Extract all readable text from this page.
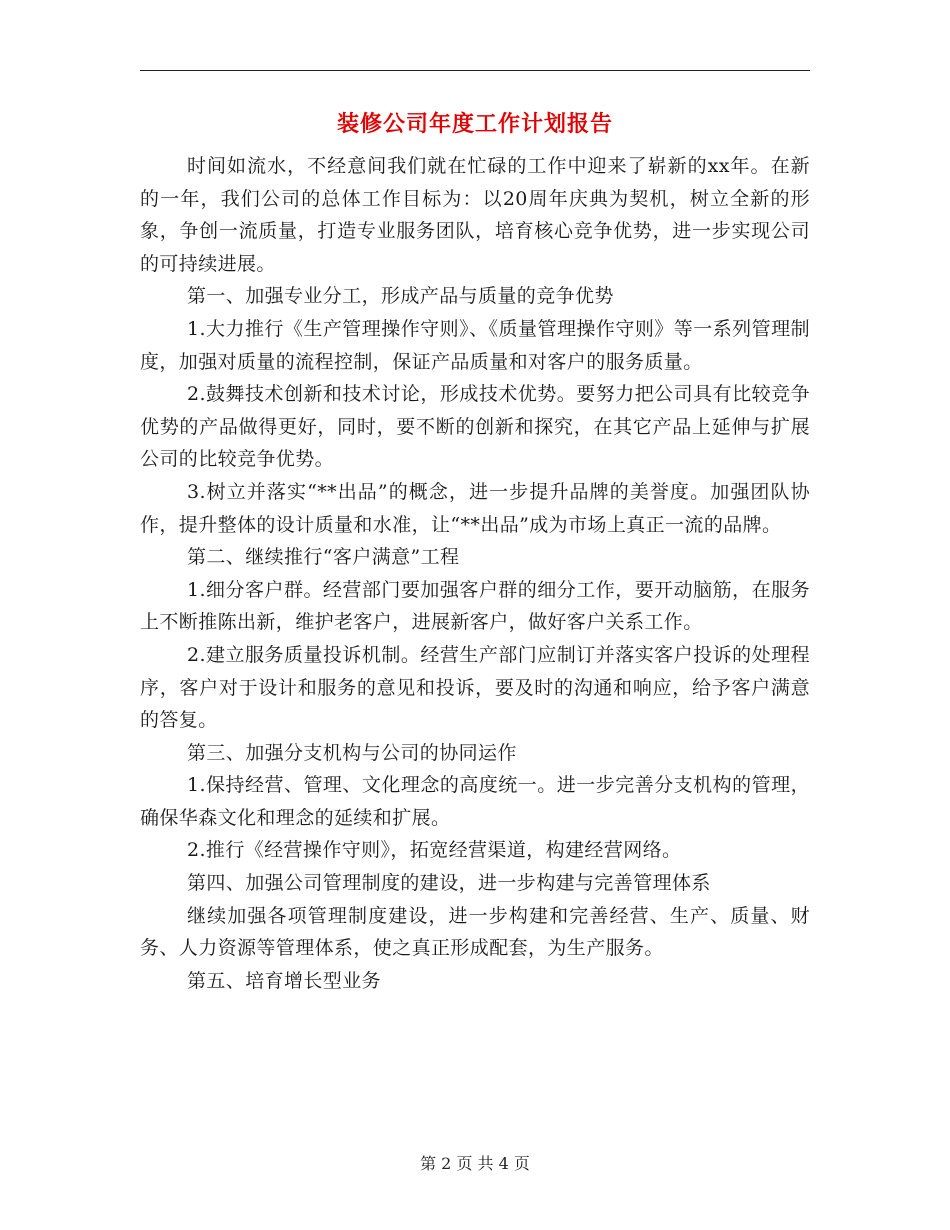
装修公司年度工作计划报告

时间如流水，不经意间我们就在忙碌的工作中迎来了崭新的xx年。在新的一年，我们公司的总体工作目标为：以20周年庆典为契机，树立全新的形象，争创一流质量，打造专业服务团队，培育核心竞争优势，进一步实现公司的可持续进展。

第一、加强专业分工，形成产品与质量的竞争优势

1.大力推行《生产管理操作守则》、《质量管理操作守则》等一系列管理制度，加强对质量的流程控制，保证产品质量和对客户的服务质量。

2.鼓舞技术创新和技术讨论，形成技术优势。要努力把公司具有比较竞争优势的产品做得更好，同时，要不断的创新和探究，在其它产品上延伸与扩展公司的比较竞争优势。

3.树立并落实“**出品”的概念，进一步提升品牌的美誉度。加强团队协作，提升整体的设计质量和水准，让“**出品”成为市场上真正一流的品牌。

第二、继续推行“客户满意”工程

1.细分客户群。经营部门要加强客户群的细分工作，要开动脑筋，在服务上不断推陈出新，维护老客户，进展新客户，做好客户关系工作。

2.建立服务质量投诉机制。经营生产部门应制订并落实客户投诉的处理程序，客户对于设计和服务的意见和投诉，要及时的沟通和响应，给予客户满意的答复。

第三、加强分支机构与公司的协同运作

1.保持经营、管理、文化理念的高度统一。进一步完善分支机构的管理，确保华森文化和理念的延续和扩展。

2.推行《经营操作守则》，拓宽经营渠道，构建经营网络。

第四、加强公司管理制度的建设，进一步构建与完善管理体系

继续加强各项管理制度建设，进一步构建和完善经营、生产、质量、财务、人力资源等管理体系，使之真正形成配套，为生产服务。

第五、培育增长型业务

第 2 页 共 4 页
